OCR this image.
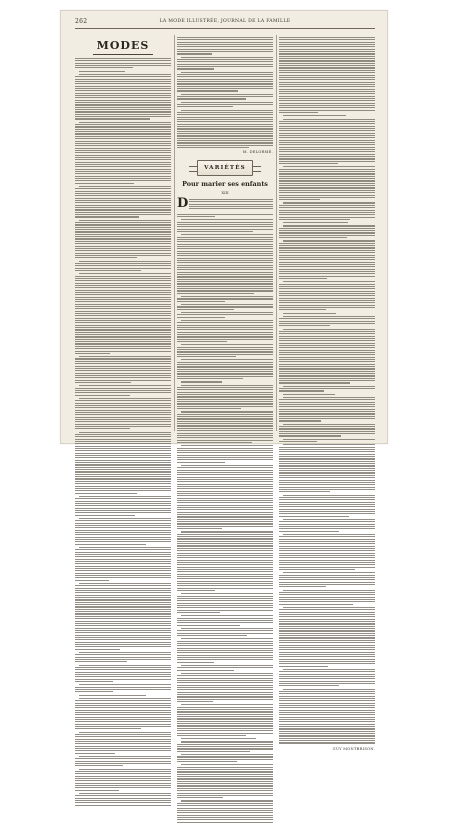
262	LA MODE ILLUSTRÉE, JOURNAL DE LA FAMILLE
MODES
M. DELORME.
VARIÉTÉS
Pour marier ses enfants
XIII
D
GUY MONTBRISON.
